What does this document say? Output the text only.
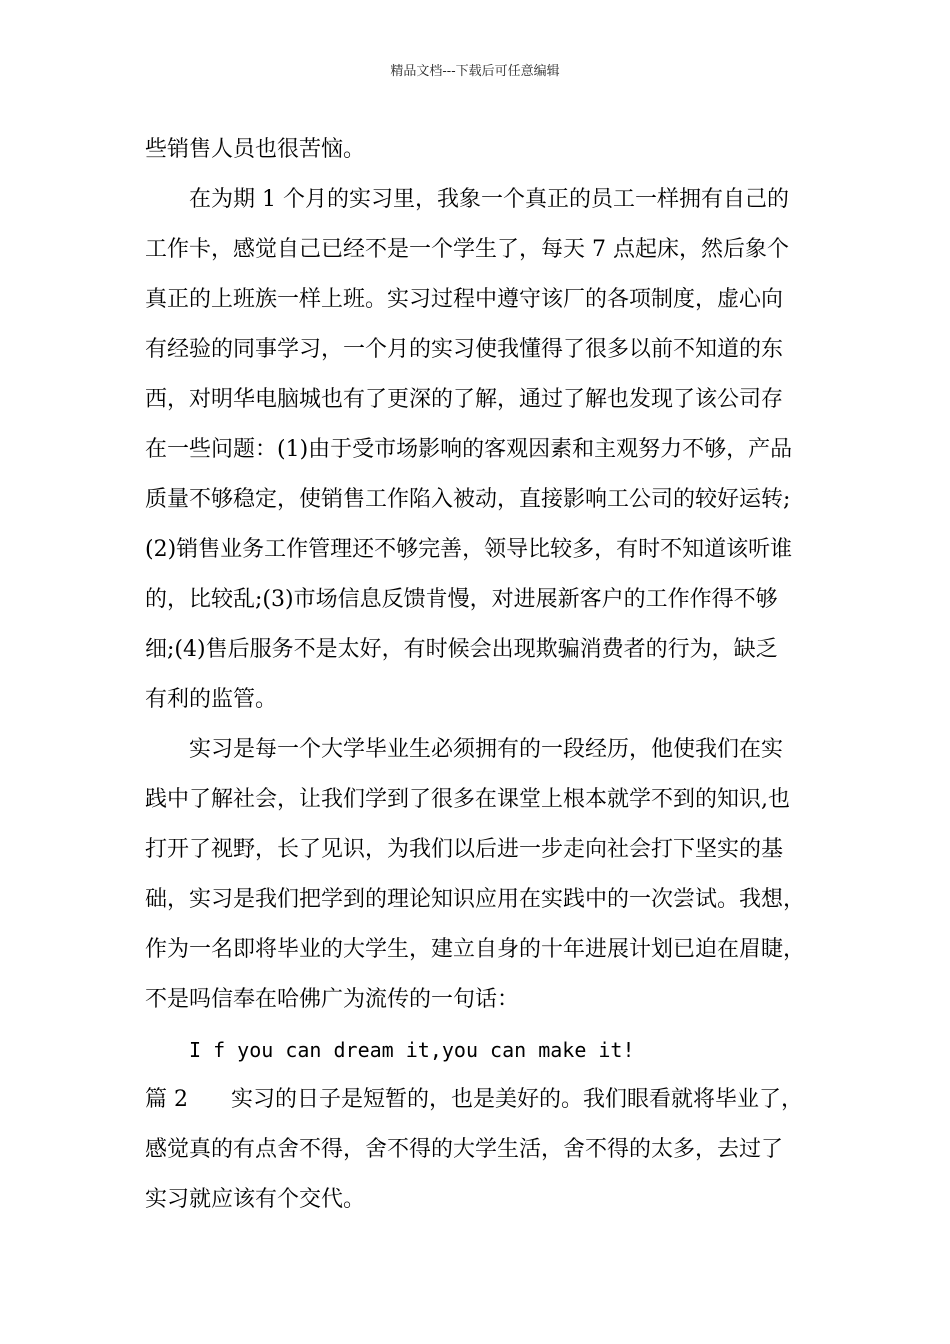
精品文档---下载后可任意编辑
些销售人员也很苦恼。
在为期 1 个月的实习里，我象一个真正的员工一样拥有自己的
工作卡，感觉自己已经不是一个学生了，每天 7 点起床，然后象个
真正的上班族一样上班。实习过程中遵守该厂的各项制度，虚心向
有经验的同事学习，一个月的实习使我懂得了很多以前不知道的东
西，对明华电脑城也有了更深的了解，通过了解也发现了该公司存
在一些问题：(1)由于受市场影响的客观因素和主观努力不够，产品
质量不够稳定，使销售工作陷入被动，直接影响工公司的较好运转;
(2)销售业务工作管理还不够完善，领导比较多，有时不知道该听谁
的，比较乱;(3)市场信息反馈肯慢，对进展新客户的工作作得不够
细;(4)售后服务不是太好，有时候会出现欺骗消费者的行为，缺乏
有利的监管。
实习是每一个大学毕业生必须拥有的一段经历，他使我们在实
践中了解社会，让我们学到了很多在课堂上根本就学不到的知识,也
打开了视野，长了见识，为我们以后进一步走向社会打下坚实的基
础，实习是我们把学到的理论知识应用在实践中的一次尝试。我想，
作为一名即将毕业的大学生，建立自身的十年进展计划已迫在眉睫，
不是吗信奉在哈佛广为流传的一句话：
I f you can dream it,you can make it!
篇 2 实习的日子是短暂的，也是美好的。我们眼看就将毕业了，
感觉真的有点舍不得，舍不得的大学生活，舍不得的太多，去过了
实习就应该有个交代。
